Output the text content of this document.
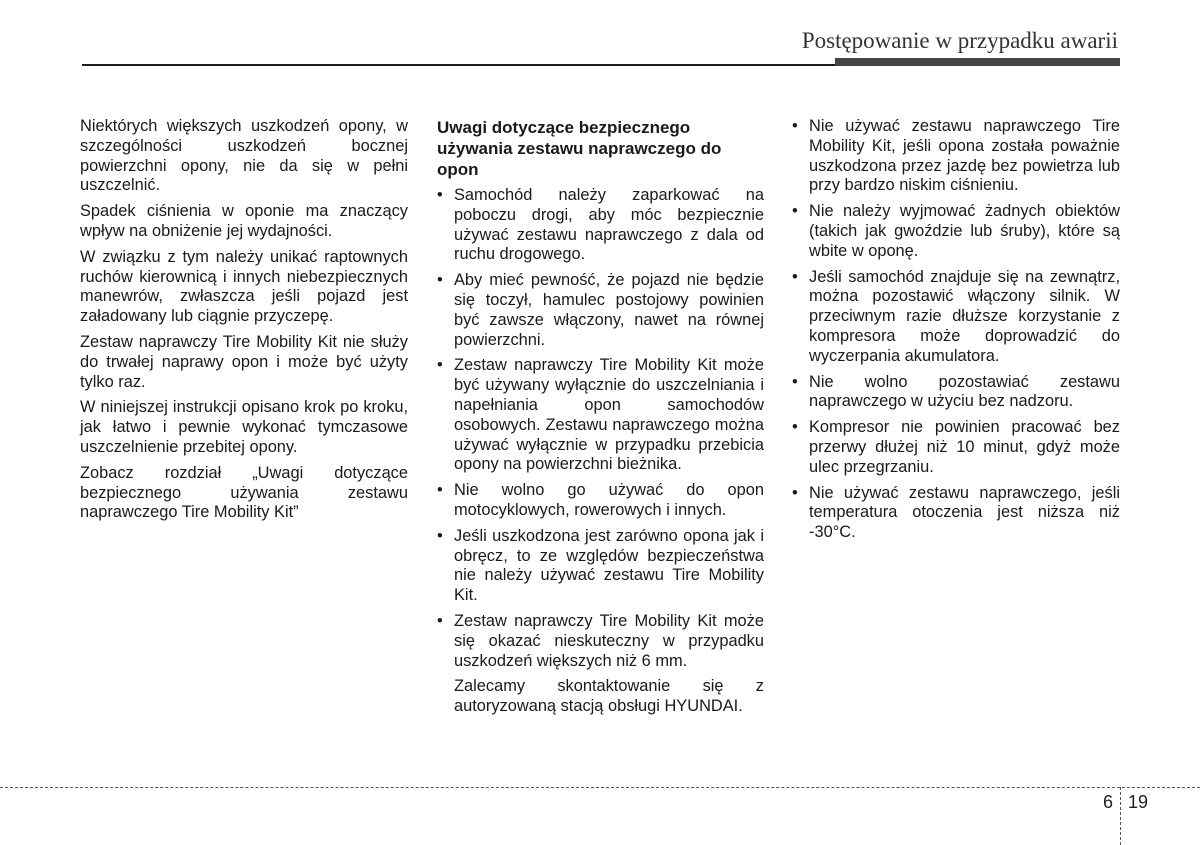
Postępowanie w przypadku awarii

Niektórych większych uszkodzeń opony, w szczególności uszkodzeń bocznej powierzchni opony, nie da się w pełni uszczelnić.

Spadek ciśnienia w oponie ma znaczący wpływ na obniżenie jej wydajności.

W związku z tym należy unikać raptownych ruchów kierownicą i innych niebezpiecznych manewrów, zwłaszcza jeśli pojazd jest załadowany lub ciągnie przyczepę.

Zestaw naprawczy Tire Mobility Kit nie służy do trwałej naprawy opon i może być użyty tylko raz.

W niniejszej instrukcji opisano krok po kroku, jak łatwo i pewnie wykonać tymczasowe uszczelnienie przebitej opony.

Zobacz rozdział „Uwagi dotyczące bezpiecznego używania zestawu naprawczego Tire Mobility Kit”

Uwagi dotyczące bezpiecznego używania zestawu naprawczego do opon
• Samochód należy zaparkować na poboczu drogi, aby móc bezpiecznie używać zestawu naprawczego z dala od ruchu drogowego.
• Aby mieć pewność, że pojazd nie będzie się toczył, hamulec postojowy powinien być zawsze włączony, nawet na równej powierzchni.
• Zestaw naprawczy Tire Mobility Kit może być używany wyłącznie do uszczelniania i napełniania opon samochodów osobowych. Zestawu naprawczego można używać wyłącznie w przypadku przebicia opony na powierzchni bieżnika.
• Nie wolno go używać do opon motocyklowych, rowerowych i innych.
• Jeśli uszkodzona jest zarówno opona jak i obręcz, to ze względów bezpieczeństwa nie należy używać zestawu Tire Mobility Kit.
• Zestaw naprawczy Tire Mobility Kit może się okazać nieskuteczny w przypadku uszkodzeń większych niż 6 mm.

Zalecamy skontaktowanie się z autoryzowaną stacją obsługi HYUNDAI.

• Nie używać zestawu naprawczego Tire Mobility Kit, jeśli opona została poważnie uszkodzona przez jazdę bez powietrza lub przy bardzo niskim ciśnieniu.
• Nie należy wyjmować żadnych obiektów (takich jak gwoździe lub śruby), które są wbite w oponę.
• Jeśli samochód znajduje się na zewnątrz, można pozostawić włączony silnik. W przeciwnym razie dłuższe korzystanie z kompresora może doprowadzić do wyczerpania akumulatora.
• Nie wolno pozostawiać zestawu naprawczego w użyciu bez nadzoru.
• Kompresor nie powinien pracować bez przerwy dłużej niż 10 minut, gdyż może ulec przegrzaniu.
• Nie używać zestawu naprawczego, jeśli temperatura otoczenia jest niższa niż -30°C.
6 19
